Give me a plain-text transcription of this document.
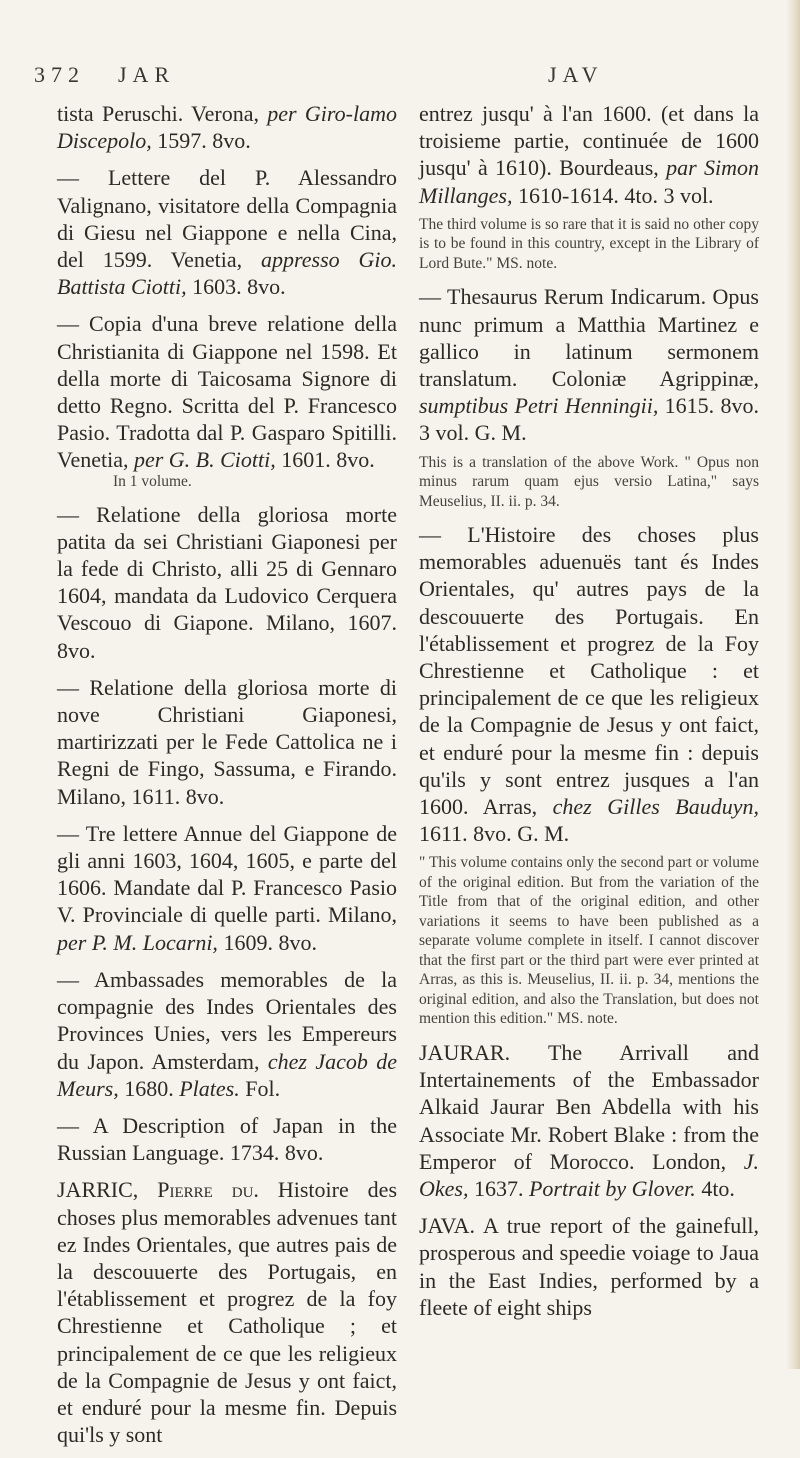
372 JAR	JAV

tista Peruschi. Verona, per Giro-lamo Discepolo, 1597. 8vo.

— Lettere del P. Alessandro Valignano, visitatore della Compagnia di Giesu nel Giappone e nella Cina, del 1599. Venetia, appresso Gio. Battista Ciotti, 1603. 8vo.

— Copia d'una breve relatione della Christianita di Giappone nel 1598. Et della morte di Taicosama Signore di detto Regno. Scritta del P. Francesco Pasio. Tradotta dal P. Gasparo Spitilli. Venetia, per G. B. Ciotti, 1601. 8vo.

In 1 volume.

— Relatione della gloriosa morte patita da sei Christiani Giaponesi per la fede di Christo, alli 25 di Gennaro 1604, mandata da Ludovico Cerquera Vescouo di Giapone. Milano, 1607. 8vo.

— Relatione della gloriosa morte di nove Christiani Giaponesi, martirizzati per le Fede Cattolica ne i Regni de Fingo, Sassuma, e Firando. Milano, 1611. 8vo.

— Tre lettere Annue del Giappone de gli anni 1603, 1604, 1605, e parte del 1606. Mandate dal P. Francesco Pasio V. Provinciale di quelle parti. Milano, per P. M. Locarni, 1609. 8vo.

— Ambassades memorables de la compagnie des Indes Orientales des Provinces Unies, vers les Empereurs du Japon. Amsterdam, chez Jacob de Meurs, 1680. Plates. Fol.

— A Description of Japan in the Russian Language. 1734. 8vo.

JARRIC, Pierre du. Histoire des choses plus memorables advenues tant ez Indes Orientales, que autres pais de la descouuerte des Portugais, en l'établissement et progrez de la foy Chrestienne et Catholique ; et principalement de ce que les religieux de la Compagnie de Jesus y ont faict, et enduré pour la mesme fin. Depuis qui'ls y sont

entrez jusqu' à l'an 1600. (et dans la troisieme partie, continuée de 1600 jusqu' à 1610). Bourdeaus, par Simon Millanges, 1610-1614. 4to. 3 vol.

The third volume is so rare that it is said no other copy is to be found in this country, except in the Library of Lord Bute." MS. note.

— Thesaurus Rerum Indicarum. Opus nunc primum a Matthia Martinez e gallico in latinum sermonem translatum. Coloniæ Agrippinæ, sumptibus Petri Henningii, 1615. 8vo. 3 vol. G. M.

This is a translation of the above Work. " Opus non minus rarum quam ejus versio Latina," says Meuselius, II. ii. p. 34.

— L'Histoire des choses plus memorables aduenuës tant és Indes Orientales, qu' autres pays de la descouuerte des Portugais. En l'établissement et progrez de la Foy Chrestienne et Catholique : et principalement de ce que les religieux de la Compagnie de Jesus y ont faict, et enduré pour la mesme fin : depuis qu'ils y sont entrez jusques a l'an 1600. Arras, chez Gilles Bauduyn, 1611. 8vo. G. M.

" This volume contains only the second part or volume of the original edition. But from the variation of the Title from that of the original edition, and other variations it seems to have been published as a separate volume complete in itself. I cannot discover that the first part or the third part were ever printed at Arras, as this is. Meuselius, II. ii. p. 34, mentions the original edition, and also the Translation, but does not mention this edition." MS. note.

JAURAR. The Arrivall and Intertainements of the Embassador Alkaid Jaurar Ben Abdella with his Associate Mr. Robert Blake : from the Emperor of Morocco. London, J. Okes, 1637. Portrait by Glover. 4to.

JAVA. A true report of the gainefull, prosperous and speedie voiage to Jaua in the East Indies, performed by a fleete of eight ships
